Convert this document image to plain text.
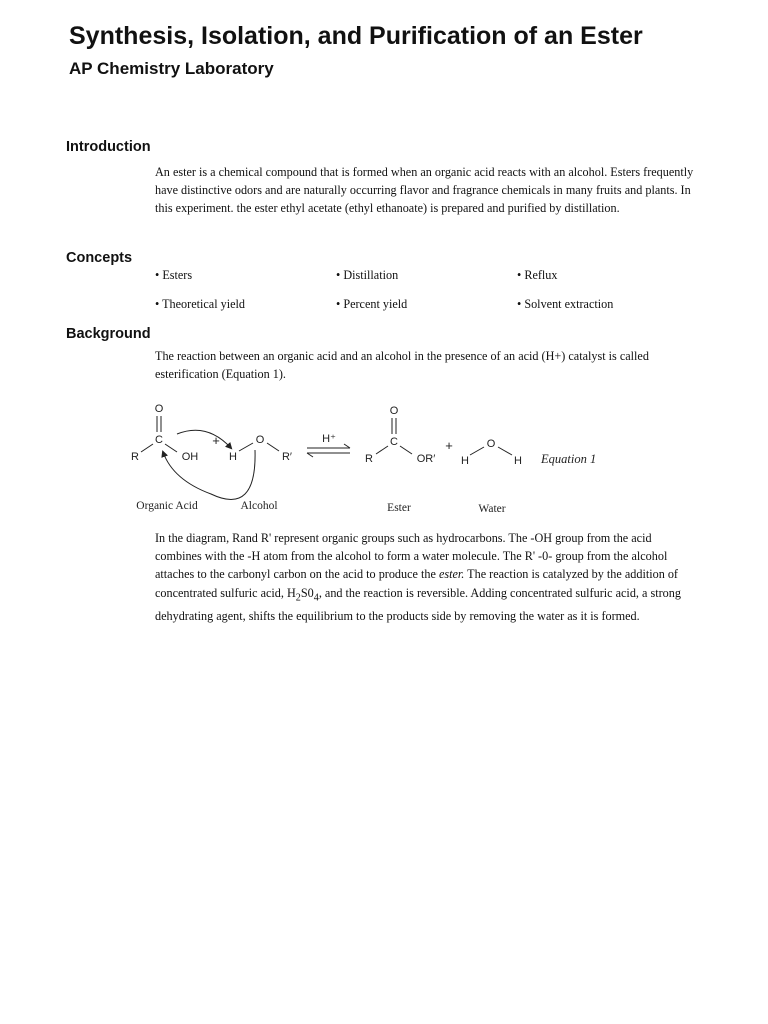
Synthesis, Isolation, and Purification of an Ester
AP Chemistry Laboratory
Introduction

An ester is a chemical compound that is formed when an organic acid reacts with an alcohol. Esters frequently have distinctive odors and are naturally occurring flavor and fragrance chemicals in many fruits and plants. In this experiment. the ester ethyl acetate (ethyl ethanoate) is prepared and purified by distillation.

Concepts
• Esters	• Distillation	• Reflux
• Theoretical yield	• Percent yield	• Solvent extraction
Background

The reaction between an organic acid and an alcohol in the presence of an acid (H+) catalyst is called esterification (Equation 1).

O
C
R	OH
+
H
O
R′
H⁺
O
C
R	OR′
+
H
O
H Equation 1
Organic Acid	Alcohol	Ester	Water

In the diagram, Rand R' represent organic groups such as hydrocarbons. The -OH group from the acid combines with the -H atom from the alcohol to form a water molecule. The R' -0- group from the alcohol attaches to the carbonyl carbon on the acid to produce the ester. The reaction is catalyzed by the addition of concentrated sulfuric acid, $H_2S0_4$, and the reaction is reversible. Adding concentrated sulfuric acid, a strong dehydrating agent, shifts the equilibrium to the products side by removing the water as it is formed.
